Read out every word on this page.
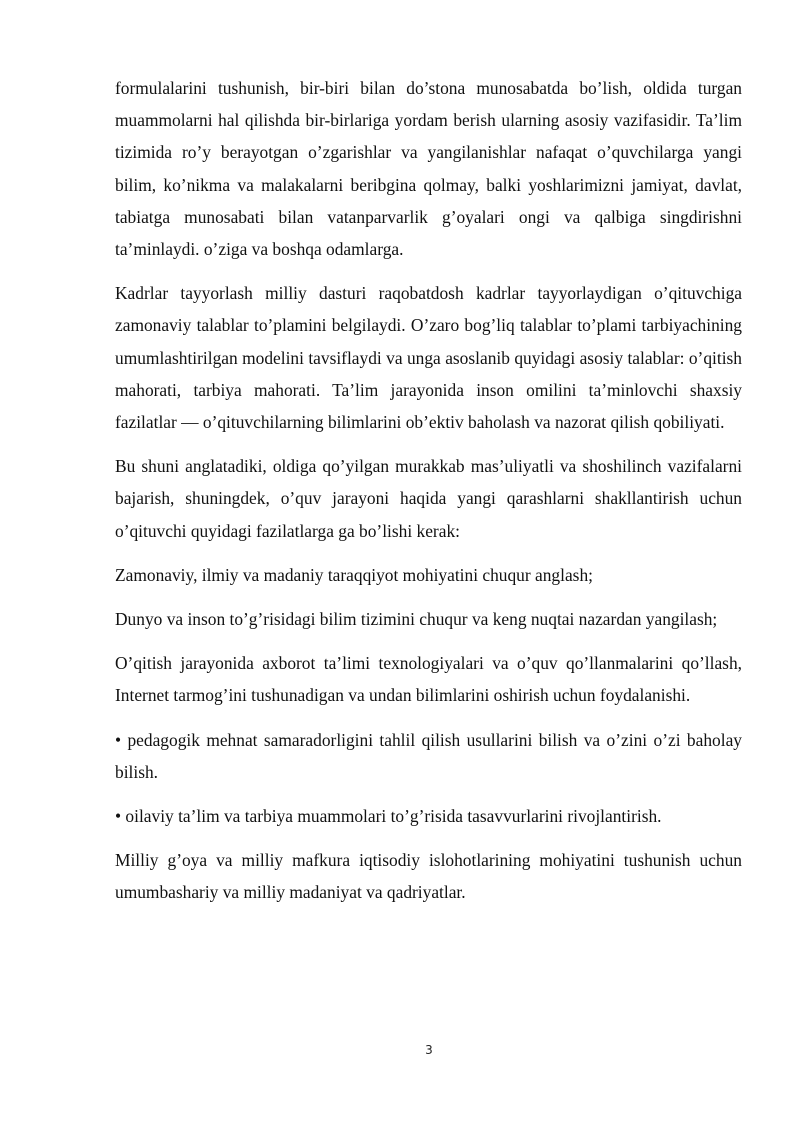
formulalarini tushunish, bir-biri bilan do’stona munosabatda bo’lish, oldida turgan muammolarni hal qilishda bir-birlariga yordam berish ularning asosiy vazifasidir. Ta’lim tizimida ro’y berayotgan o’zgarishlar va yangilanishlar nafaqat o’quvchilarga yangi bilim, ko’nikma va malakalarni beribgina qolmay, balki yoshlarimizni jamiyat, davlat, tabiatga munosabati bilan vatanparvarlik g’oyalari ongi va qalbiga singdirishni ta’minlaydi. o’ziga va boshqa odamlarga.

Kadrlar tayyorlash milliy dasturi raqobatdosh kadrlar tayyorlaydigan o’qituvchiga zamonaviy talablar to’plamini belgilaydi. O’zaro bog’liq talablar to’plami tarbiyachining umumlashtirilgan modelini tavsiflaydi va unga asoslanib quyidagi asosiy talablar: o’qitish mahorati, tarbiya mahorati. Ta’lim jarayonida inson omilini ta’minlovchi shaxsiy fazilatlar — o’qituvchilarning bilimlarini ob’ektiv baholash va nazorat qilish qobiliyati.

Bu shuni anglatadiki, oldiga qo’yilgan murakkab mas’uliyatli va shoshilinch vazifalarni bajarish, shuningdek, o’quv jarayoni haqida yangi qarashlarni shakllantirish uchun o’qituvchi quyidagi fazilatlarga ga bo’lishi kerak:

Zamonaviy, ilmiy va madaniy taraqqiyot mohiyatini chuqur anglash;

Dunyo va inson to’g’risidagi bilim tizimini chuqur va keng nuqtai nazardan yangilash;

O’qitish jarayonida axborot ta’limi texnologiyalari va o’quv qo’llanmalarini qo’llash, Internet tarmog’ini tushunadigan va undan bilimlarini oshirish uchun foydalanishi.

• pedagogik mehnat samaradorligini tahlil qilish usullarini bilish va o’zini o’zi baholay bilish.

• oilaviy ta’lim va tarbiya muammolari to’g’risida tasavvurlarini rivojlantirish.

Milliy g’oya va milliy mafkura iqtisodiy islohotlarining mohiyatini tushunish uchun umumbashariy va milliy madaniyat va qadriyatlar.

3
